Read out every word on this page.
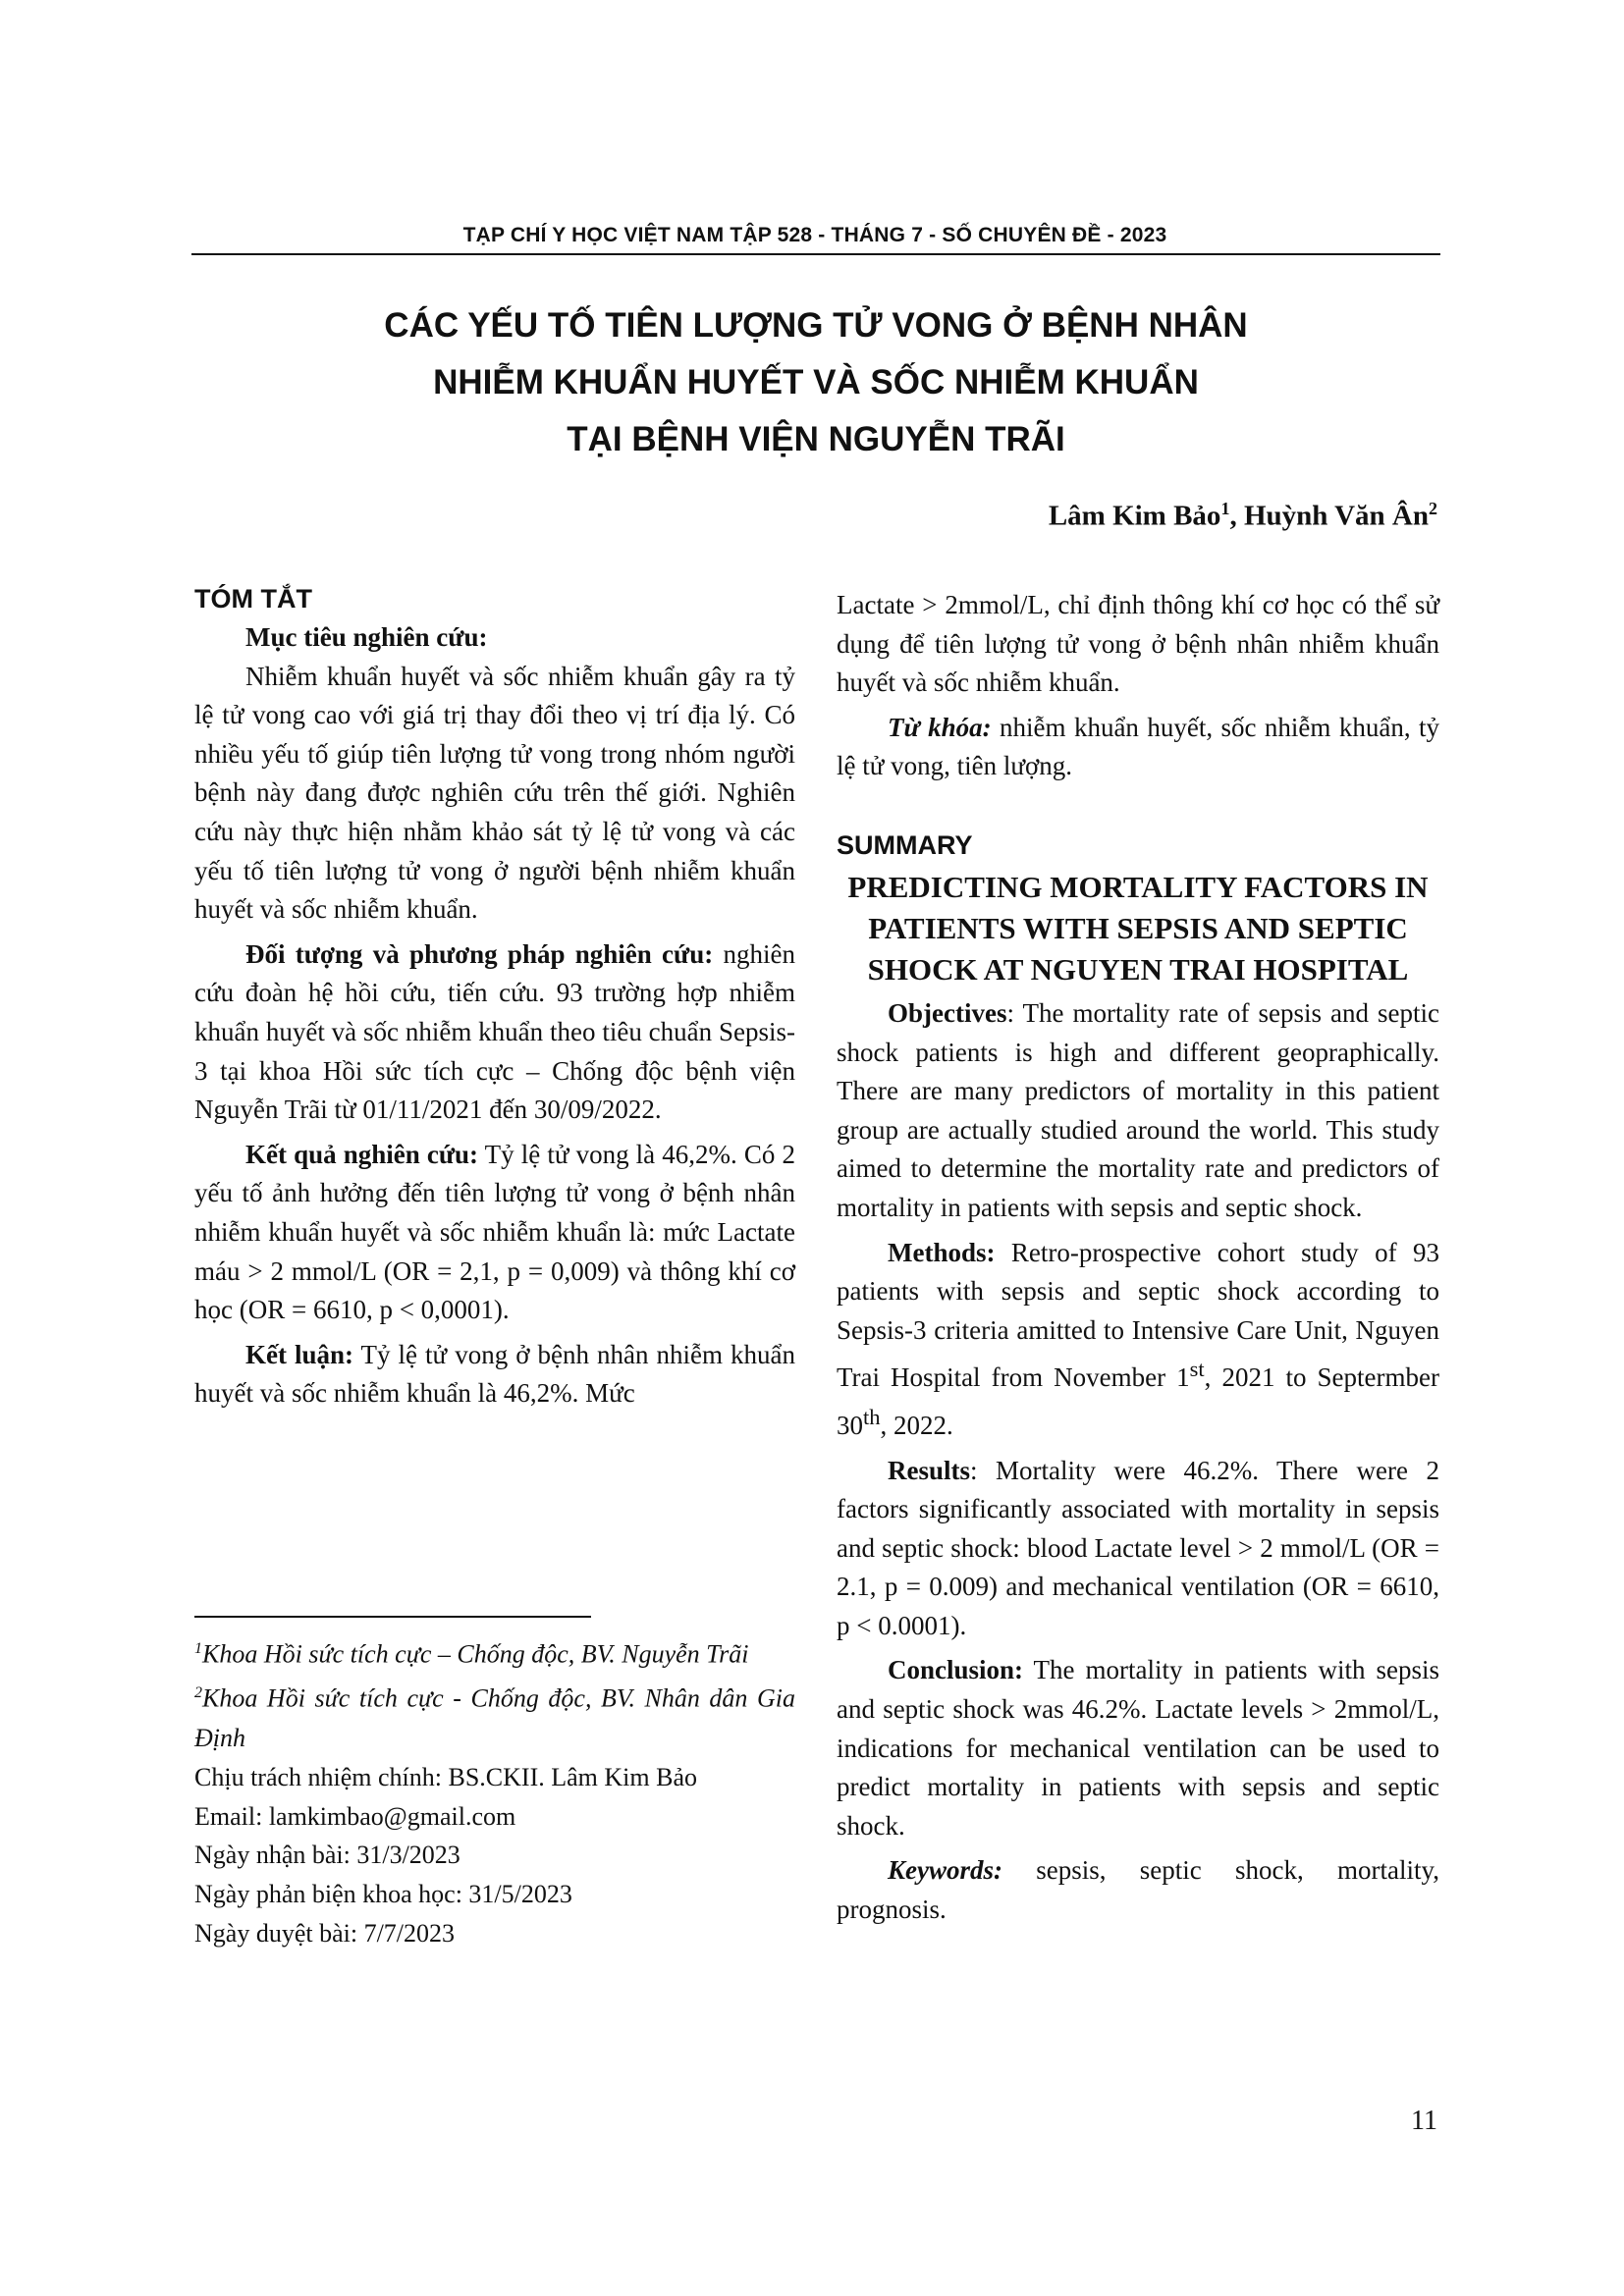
TẠP CHÍ Y HỌC VIỆT NAM TẬP 528 - THÁNG 7 - SỐ CHUYÊN ĐỀ - 2023
CÁC YẾU TỐ TIÊN LƯỢNG TỬ VONG Ở BỆNH NHÂN
NHIỄM KHUẨN HUYẾT VÀ SỐC NHIỄM KHUẨN
TẠI BỆNH VIỆN NGUYỄN TRÃI
Lâm Kim Bảo$^1$, Huỳnh Văn $Ân^2$
TÓM TẮT
Mục tiêu nghiên cứu:

Nhiễm khuẩn huyết và sốc nhiễm khuẩn gây ra tỷ lệ tử vong cao với giá trị thay đổi theo vị trí địa lý. Có nhiều yếu tố giúp tiên lượng tử vong trong nhóm người bệnh này đang được nghiên cứu trên thế giới. Nghiên cứu này thực hiện nhằm khảo sát tỷ lệ tử vong và các yếu tố tiên lượng tử vong ở người bệnh nhiễm khuẩn huyết và sốc nhiễm khuẩn.

Đối tượng và phương pháp nghiên cứu: nghiên cứu đoàn hệ hồi cứu, tiến cứu. 93 trường hợp nhiễm khuẩn huyết và sốc nhiễm khuẩn theo tiêu chuẩn Sepsis-3 tại khoa Hồi sức tích cực – Chống độc bệnh viện Nguyễn Trãi từ 01/11/2021 đến 30/09/2022.

Kết quả nghiên cứu: Tỷ lệ tử vong là 46,2%. Có 2 yếu tố ảnh hưởng đến tiên lượng tử vong ở bệnh nhân nhiễm khuẩn huyết và sốc nhiễm khuẩn là: mức Lactate máu > 2 mmol/L (OR = 2,1, p = 0,009) và thông khí cơ học (OR = 6610, p < 0,0001).

Kết luận: Tỷ lệ tử vong ở bệnh nhân nhiễm khuẩn huyết và sốc nhiễm khuẩn là 46,2%. Mức

$^1$Khoa Hồi sức tích cực – Chống độc, BV. Nguyễn Trãi
$^2$Khoa Hồi sức tích cực - Chống độc, BV. Nhân dân Gia Định
Chịu trách nhiệm chính: BS.CKII. Lâm Kim Bảo
Email: lamkimbao@gmail.com
Ngày nhận bài: 31/3/2023
Ngày phản biện khoa học: 31/5/2023
Ngày duyệt bài: 7/7/2023

Lactate > 2mmol/L, chỉ định thông khí cơ học có thể sử dụng để tiên lượng tử vong ở bệnh nhân nhiễm khuẩn huyết và sốc nhiễm khuẩn.

Từ khóa: nhiễm khuẩn huyết, sốc nhiễm khuẩn, tỷ lệ tử vong, tiên lượng.

SUMMARY
PREDICTING MORTALITY FACTORS IN PATIENTS WITH SEPSIS AND SEPTIC SHOCK AT NGUYEN TRAI HOSPITAL

Objectives: The mortality rate of sepsis and septic shock patients is high and different geopraphically. There are many predictors of mortality in this patient group are actually studied around the world. This study aimed to determine the mortality rate and predictors of mortality in patients with sepsis and septic shock.

Methods: Retro-prospective cohort study of 93 patients with sepsis and septic shock according to Sepsis-3 criteria amitted to Intensive Care Unit, Nguyen Trai Hospital from November 1st, 2021 to Septermber 30th, 2022.

Results: Mortality were 46.2%. There were 2 factors significantly associated with mortality in sepsis and septic shock: blood Lactate level > 2 mmol/L (OR = 2.1, p = 0.009) and mechanical ventilation (OR = 6610, p < 0.0001).

Conclusion: The mortality in patients with sepsis and septic shock was 46.2%. Lactate levels > 2mmol/L, indications for mechanical ventilation can be used to predict mortality in patients with sepsis and septic shock.

Keywords: sepsis, septic shock, mortality, prognosis.

11
